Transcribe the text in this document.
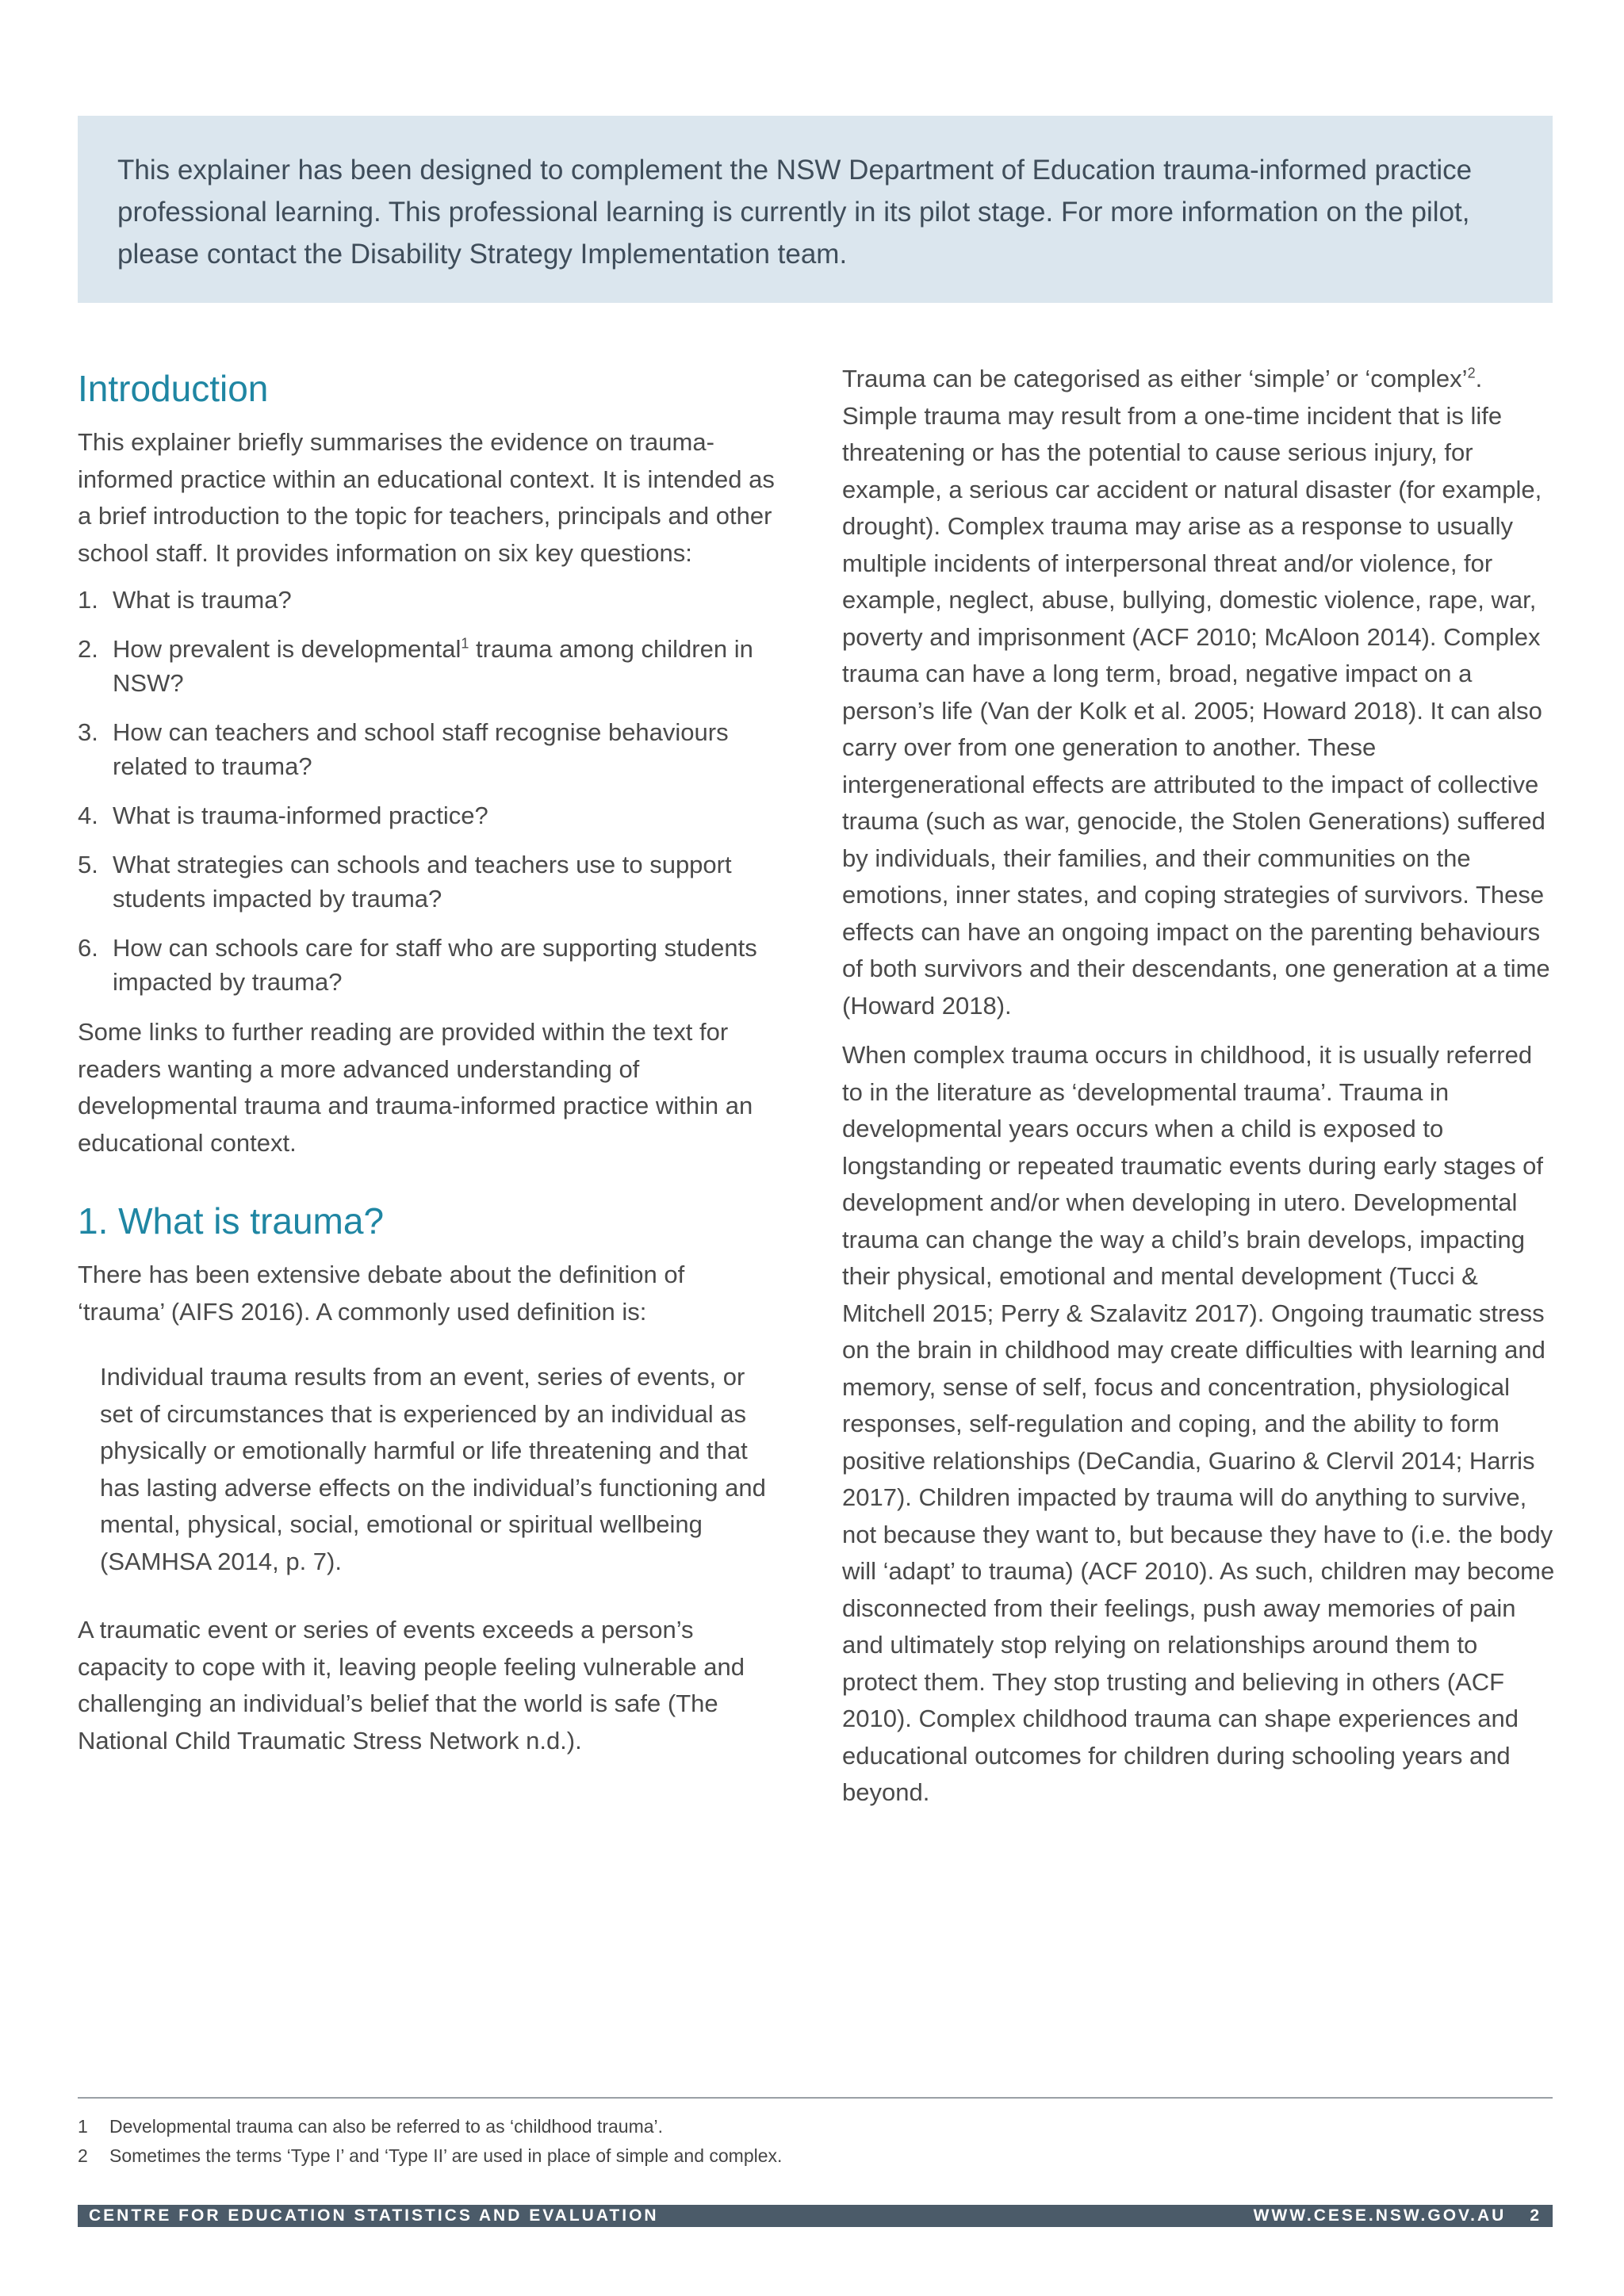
This explainer has been designed to complement the NSW Department of Education trauma-informed practice professional learning. This professional learning is currently in its pilot stage. For more information on the pilot, please contact the Disability Strategy Implementation team.

Introduction

This explainer briefly summarises the evidence on trauma-informed practice within an educational context. It is intended as a brief introduction to the topic for teachers, principals and other school staff. It provides information on six key questions:

1. What is trauma?
2. How prevalent is developmental$^1$ trauma among children in NSW?
3. How can teachers and school staff recognise behaviours related to trauma?
4. What is trauma-informed practice?
5. What strategies can schools and teachers use to support students impacted by trauma?
6. How can schools care for staff who are supporting students impacted by trauma?

Some links to further reading are provided within the text for readers wanting a more advanced understanding of developmental trauma and trauma-informed practice within an educational context.

1. What is trauma?

There has been extensive debate about the definition of ‘trauma’ (AIFS 2016). A commonly used definition is:

Individual trauma results from an event, series of events, or set of circumstances that is experienced by an individual as physically or emotionally harmful or life threatening and that has lasting adverse effects on the individual’s functioning and mental, physical, social, emotional or spiritual wellbeing (SAMHSA 2014, p. 7).

A traumatic event or series of events exceeds a person’s capacity to cope with it, leaving people feeling vulnerable and challenging an individual’s belief that the world is safe (The National Child Traumatic Stress Network n.d.).

Trauma can be categorised as either ‘simple’ or ‘complex’$^2$. Simple trauma may result from a one-time incident that is life threatening or has the potential to cause serious injury, for example, a serious car accident or natural disaster (for example, drought). Complex trauma may arise as a response to usually multiple incidents of interpersonal threat and/or violence, for example, neglect, abuse, bullying, domestic violence, rape, war, poverty and imprisonment (ACF 2010; McAloon 2014). Complex trauma can have a long term, broad, negative impact on a person’s life (Van der Kolk et al. 2005; Howard 2018). It can also carry over from one generation to another. These intergenerational effects are attributed to the impact of collective trauma (such as war, genocide, the Stolen Generations) suffered by individuals, their families, and their communities on the emotions, inner states, and coping strategies of survivors. These effects can have an ongoing impact on the parenting behaviours of both survivors and their descendants, one generation at a time (Howard 2018).

When complex trauma occurs in childhood, it is usually referred to in the literature as ‘developmental trauma’. Trauma in developmental years occurs when a child is exposed to longstanding or repeated traumatic events during early stages of development and/or when developing in utero. Developmental trauma can change the way a child’s brain develops, impacting their physical, emotional and mental development (Tucci & Mitchell 2015; Perry & Szalavitz 2017). Ongoing traumatic stress on the brain in childhood may create difficulties with learning and memory, sense of self, focus and concentration, physiological responses, self-regulation and coping, and the ability to form positive relationships (DeCandia, Guarino & Clervil 2014; Harris 2017). Children impacted by trauma will do anything to survive, not because they want to, but because they have to (i.e. the body will ‘adapt’ to trauma) (ACF 2010). As such, children may become disconnected from their feelings, push away memories of pain and ultimately stop relying on relationships around them to protect them. They stop trusting and believing in others (ACF 2010). Complex childhood trauma can shape experiences and educational outcomes for children during schooling years and beyond.

1	Developmental trauma can also be referred to as ‘childhood trauma’.
2	Sometimes the terms ‘Type I’ and ‘Type II’ are used in place of simple and complex.
CENTRE FOR EDUCATION STATISTICS AND EVALUATION	WWW.CESE.NSW.GOV.AU 2
